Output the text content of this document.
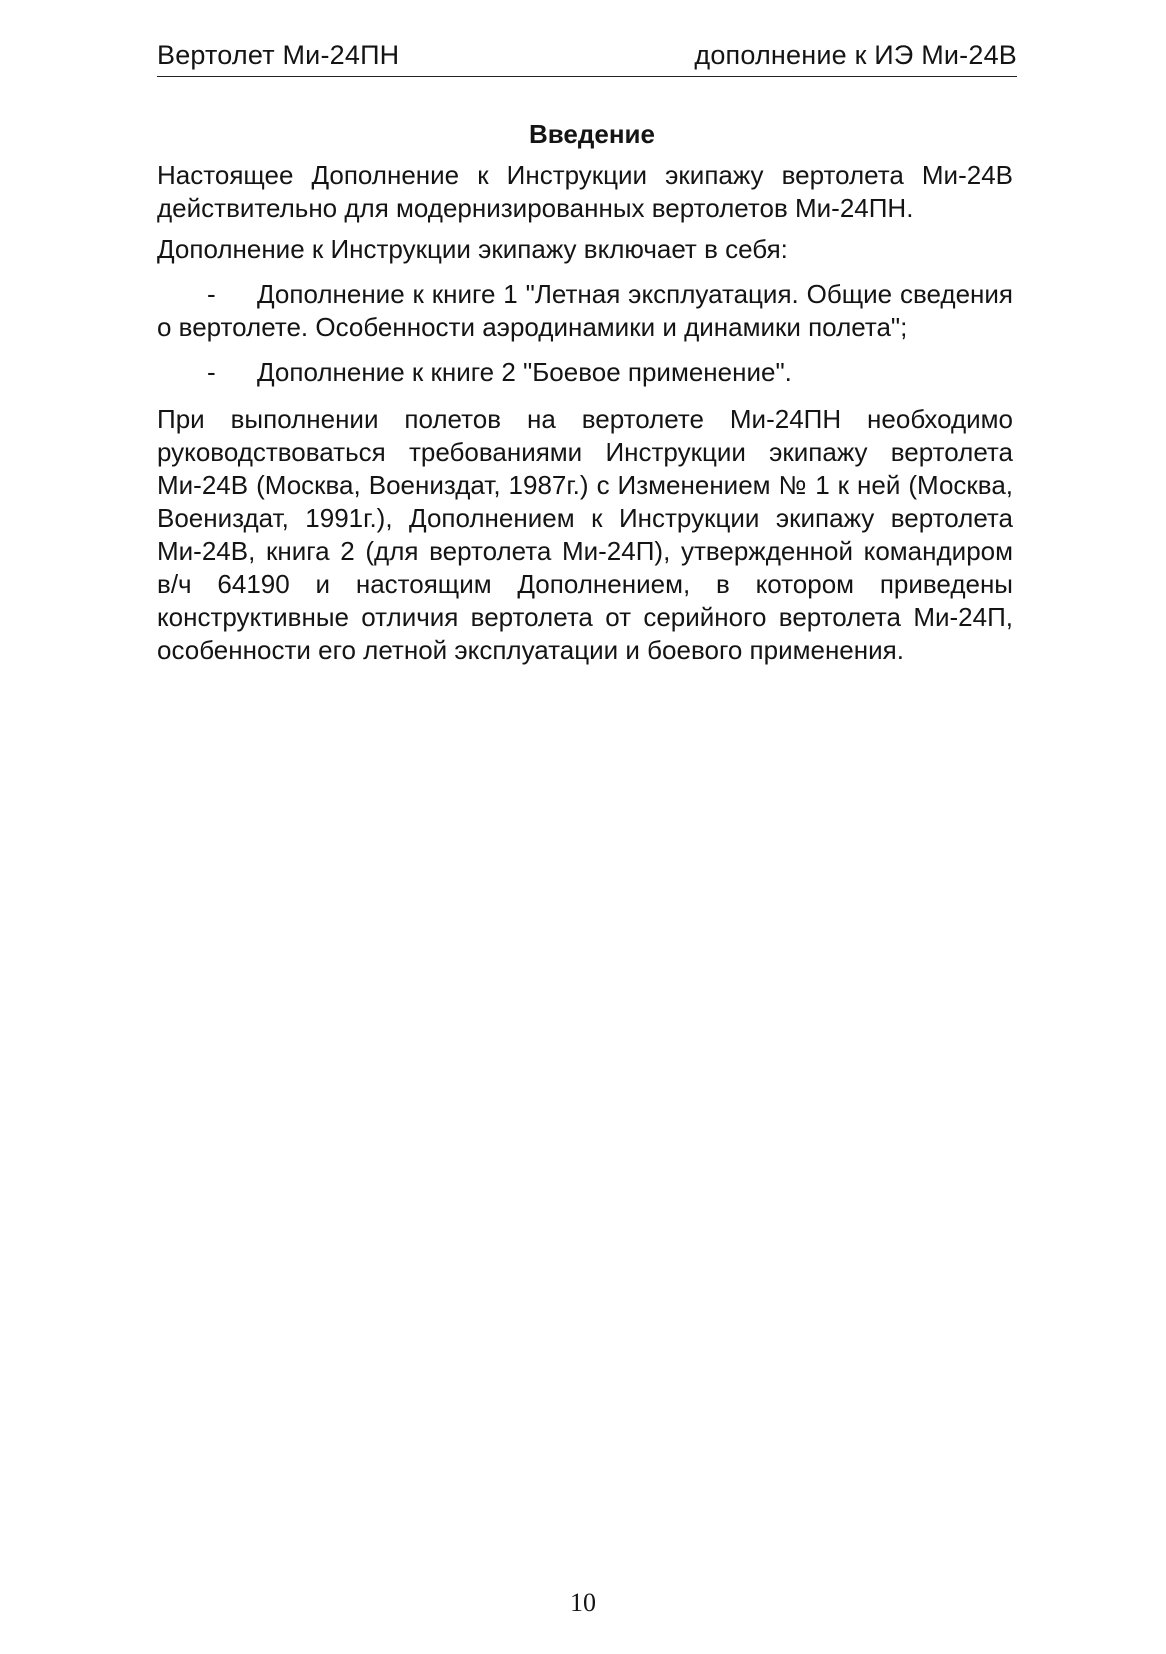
Вертолет Ми-24ПН	дополнение к ИЭ Ми-24В
Введение

Настоящее Дополнение к Инструкции экипажу вертолета Ми-24В действительно для модернизированных вертолетов Ми-24ПН.

Дополнение к Инструкции экипажу включает в себя:

- Дополнение к книге 1 "Летная эксплуатация. Общие сведения о вертолете. Особенности аэродинамики и динамики полета";
- Дополнение к книге 2 "Боевое применение".

При выполнении полетов на вертолете Ми-24ПН необходимо руководствоваться требованиями Инструкции экипажу вертолета Ми-24В (Москва, Воениздат, 1987г.) с Изменением № 1 к ней (Москва, Воениздат, 1991г.), Дополнением к Инструкции экипажу вертолета Ми-24В, книга 2 (для вертолета Ми-24П), утвержденной командиром в/ч 64190 и настоящим Дополнением, в котором приведены конструктивные отличия вертолета от серийного вертолета Ми-24П, особенности его летной эксплуатации и боевого применения.

10
